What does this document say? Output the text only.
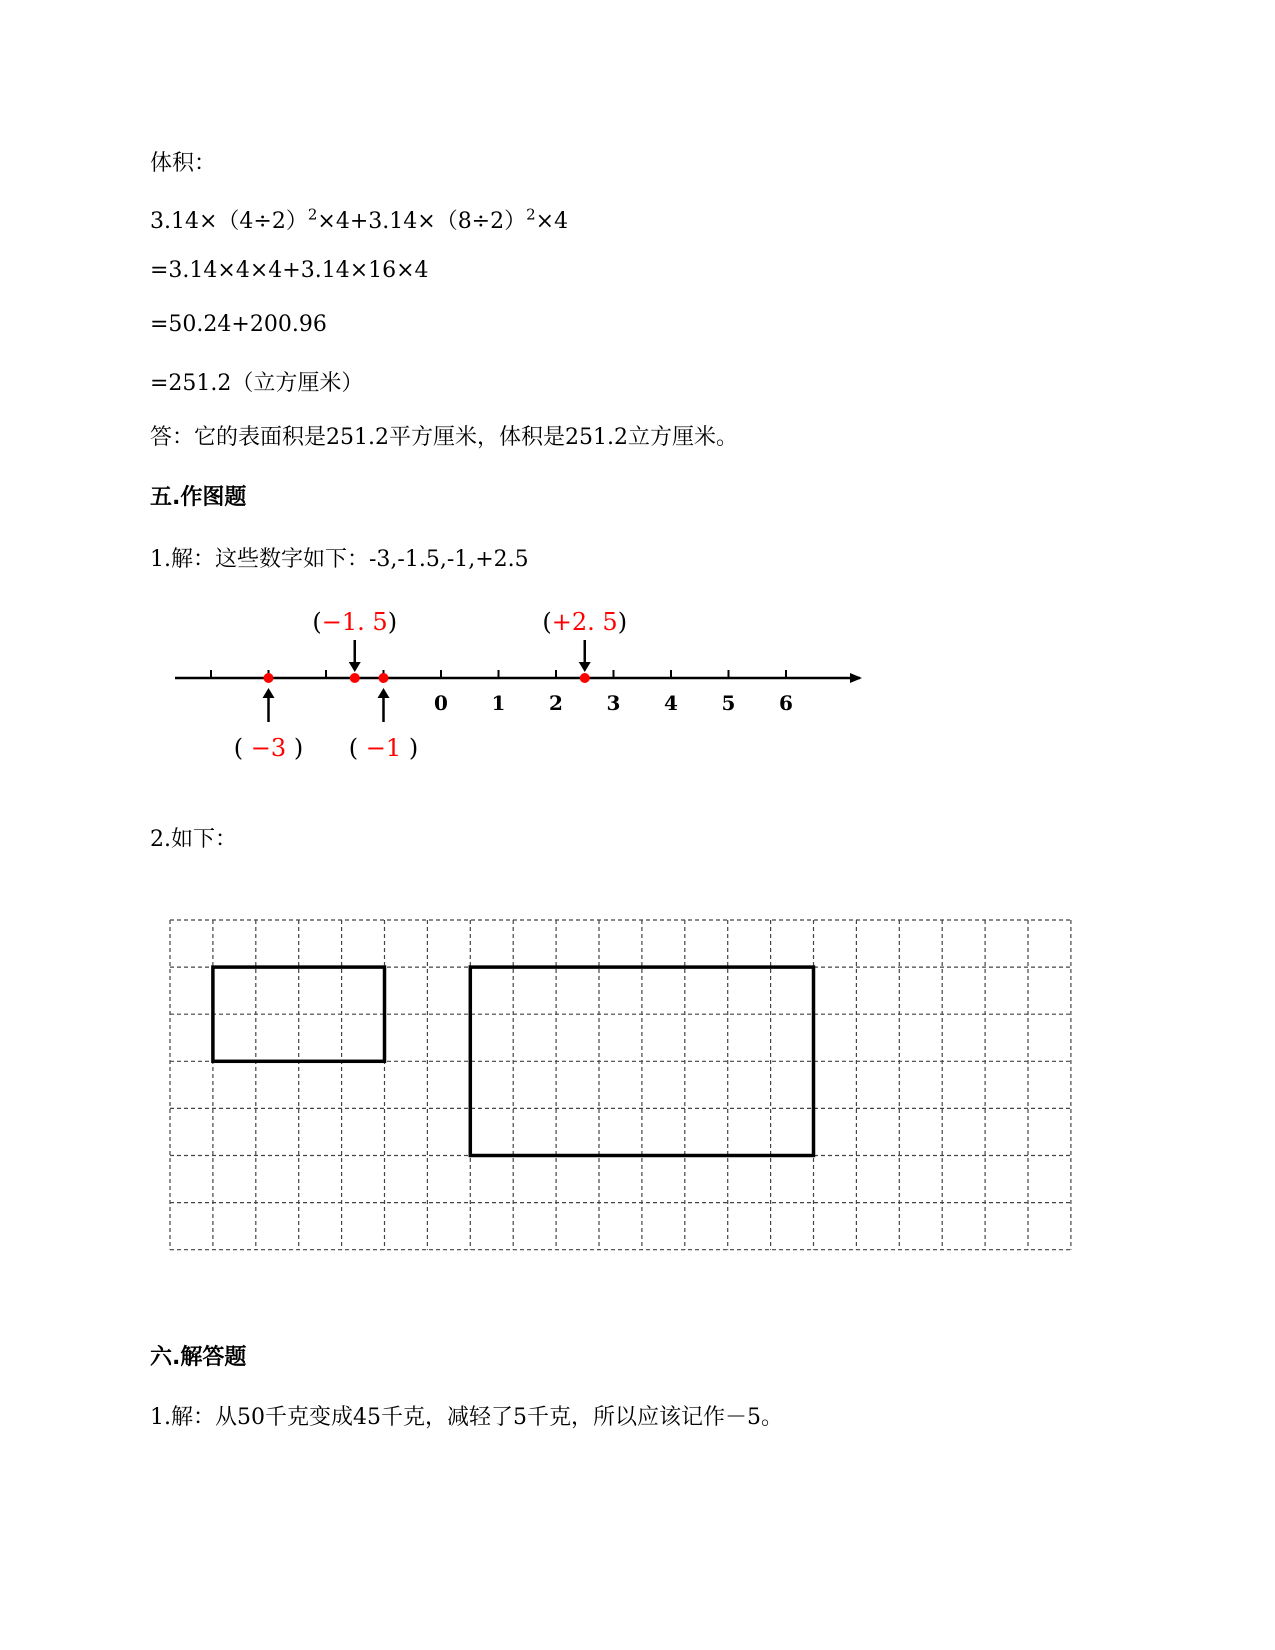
体积：
$3.14\times(4\div 2)^2\times 4+3.14\times(8\div 2)^2\times 4$
=3.14×4×4+3.14×16×4
=50.24+200.96
=251.2（立方厘米）
答：它的表面积是251.2平方厘米，体积是251.2立方厘米。
五.作图题
1.解：这些数字如下：-3,-1.5,-1,+2.5
0 1 2 3 4 5 6
( −3 )
(−1. 5)
( −1 )
(+2. 5)
2.如下：
六.解答题
1.解：从50千克变成45千克，减轻了5千克，所以应该记作－5。
